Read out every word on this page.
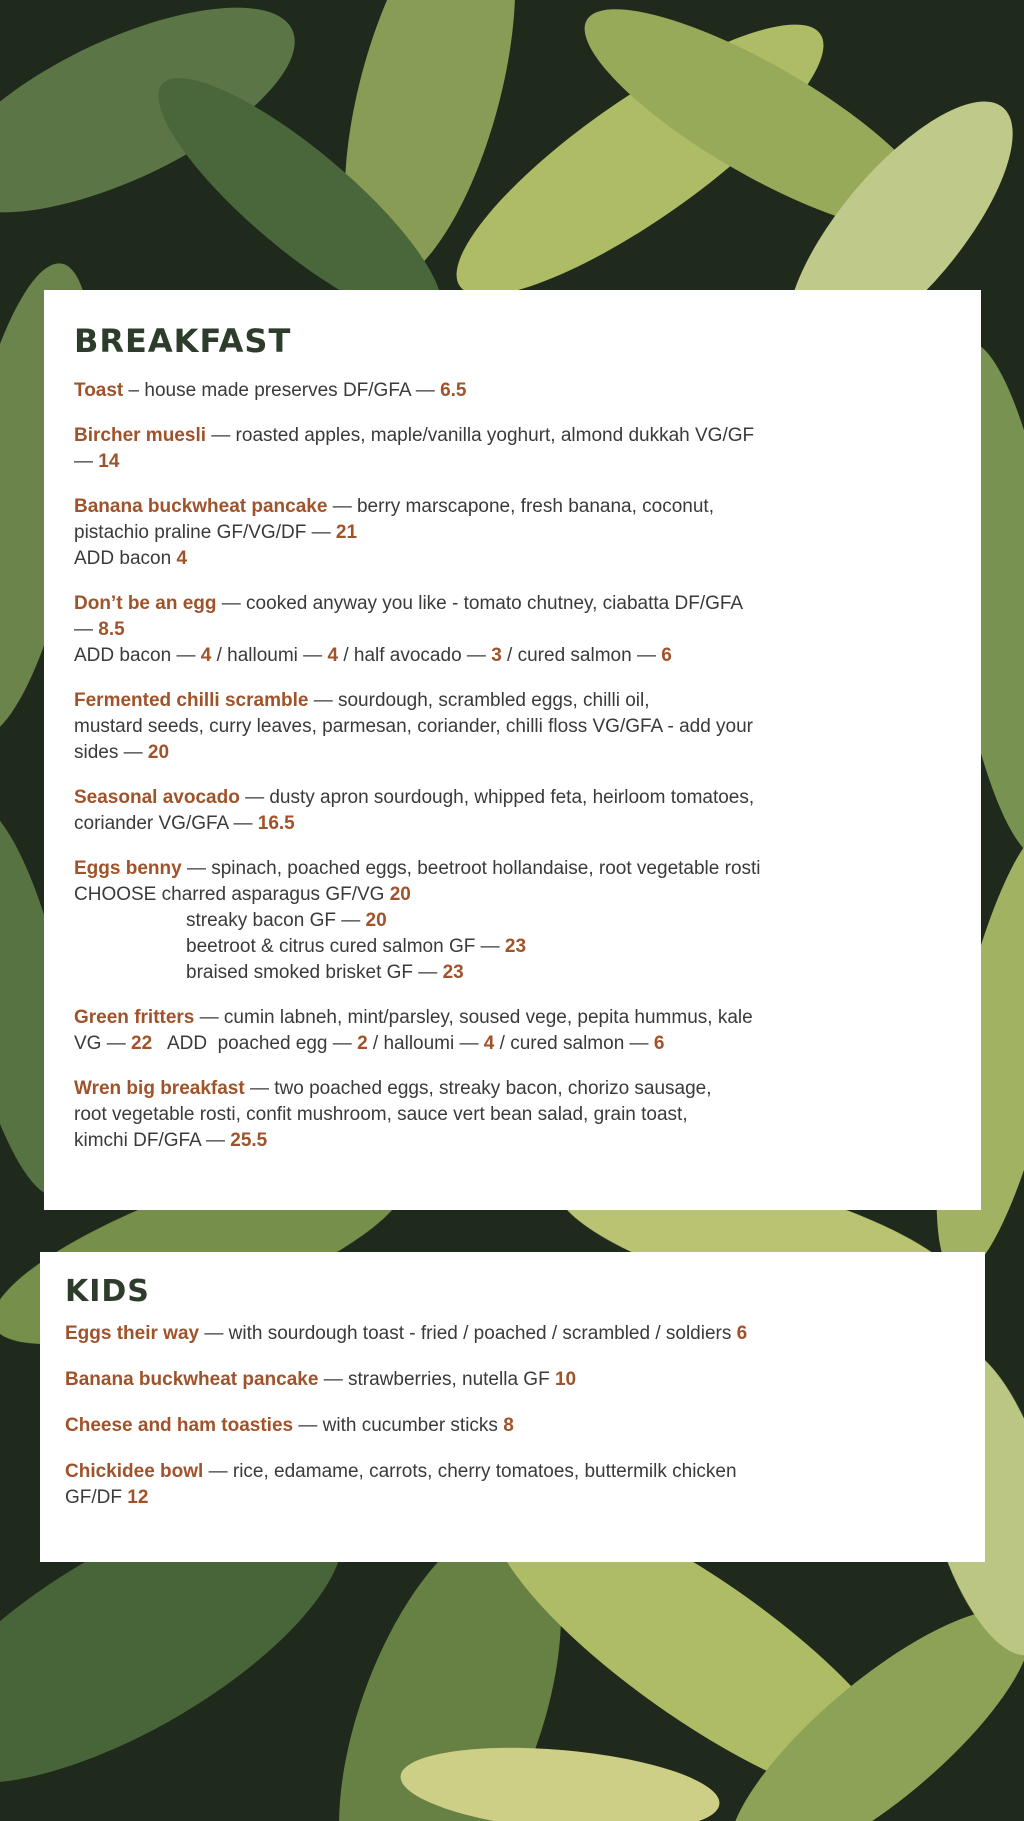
BREAKFAST
Toast – house made preserves DF/GFA — 6.5
Bircher muesli — roasted apples, maple/vanilla yoghurt, almond dukkah VG/GF
— 14
Banana buckwheat pancake — berry marscapone, fresh banana, coconut,
pistachio praline GF/VG/DF — 21
ADD bacon 4
Don’t be an egg — cooked anyway you like - tomato chutney, ciabatta DF/GFA
— 8.5
ADD bacon — 4 / halloumi — 4 / half avocado — 3 / cured salmon — 6
Fermented chilli scramble — sourdough, scrambled eggs, chilli oil,
mustard seeds, curry leaves, parmesan, coriander, chilli floss VG/GFA - add your
sides — 20
Seasonal avocado — dusty apron sourdough, whipped feta, heirloom tomatoes,
coriander VG/GFA — 16.5
Eggs benny — spinach, poached eggs, beetroot hollandaise, root vegetable rosti
CHOOSE charred asparagus GF/VG 20
streaky bacon GF — 20
beetroot & citrus cured salmon GF — 23
braised smoked brisket GF — 23
Green fritters — cumin labneh, mint/parsley, soused vege, pepita hummus, kale
VG — 22   ADD  poached egg — 2 / halloumi — 4 / cured salmon — 6
Wren big breakfast — two poached eggs, streaky bacon, chorizo sausage,
root vegetable rosti, confit mushroom, sauce vert bean salad, grain toast,
kimchi DF/GFA — 25.5
KIDS
Eggs their way — with sourdough toast - fried / poached / scrambled / soldiers 6
Banana buckwheat pancake — strawberries, nutella GF 10
Cheese and ham toasties — with cucumber sticks 8
Chickidee bowl — rice, edamame, carrots, cherry tomatoes, buttermilk chicken
GF/DF 12
